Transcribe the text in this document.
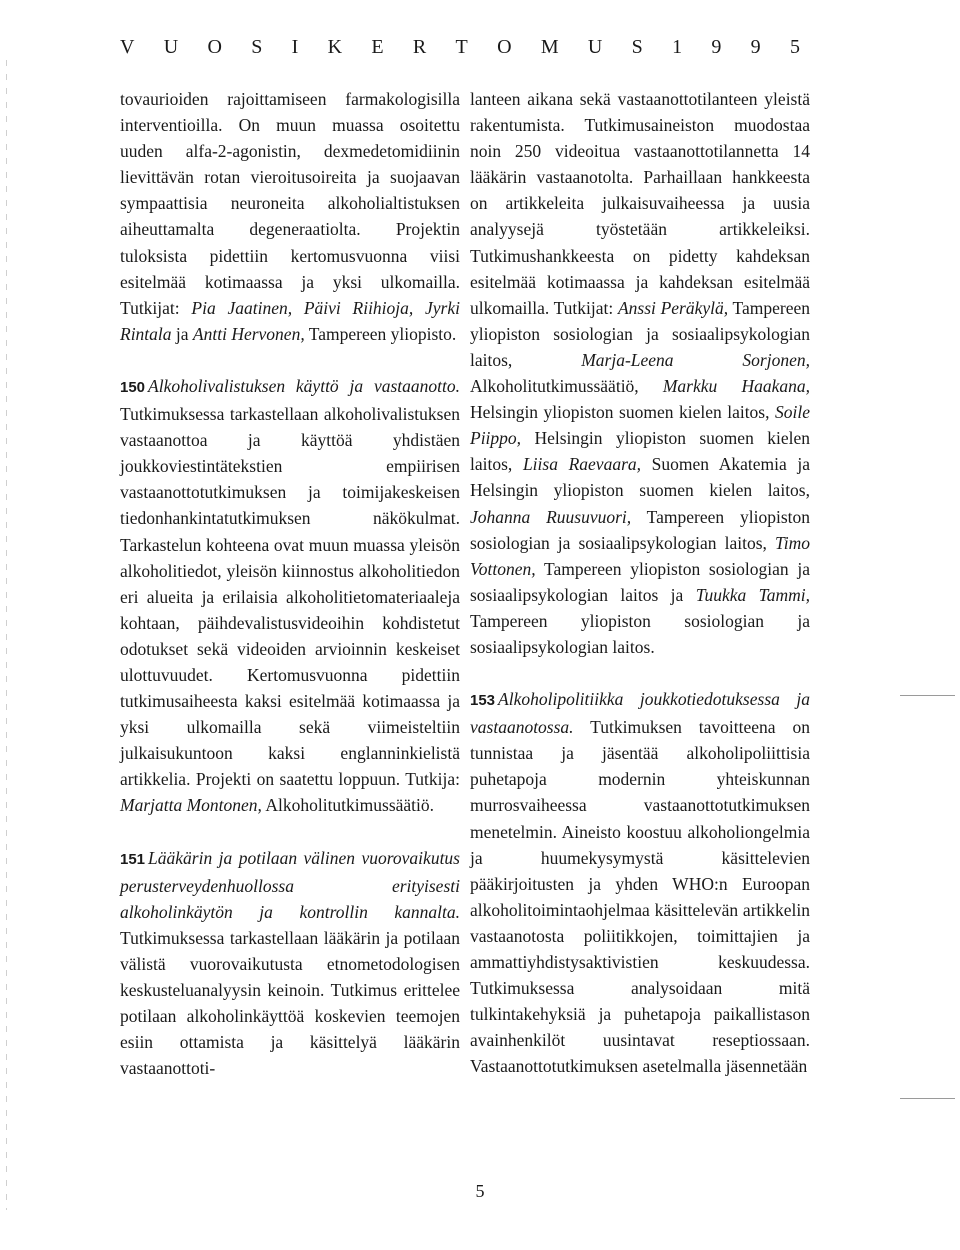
V U O S I K E R T O M U S 1 9 9 5

tovaurioiden rajoittamiseen farmakologisilla interventioilla. On muun muassa osoitettu uuden alfa-2-agonistin, dexmedetomidiinin lievittävän rotan vieroitusoireita ja suojaavan sympaattisia neuroneita alkoholialtistuksen aiheuttamalta degeneraatiolta. Projektin tuloksista pidettiin kertomusvuonna viisi esitelmää kotimaassa ja yksi ulkomailla. Tutkijat: Pia Jaatinen, Päivi Riihioja, Jyrki Rintala ja Antti Hervonen, Tampereen yliopisto.

150 Alkoholivalistuksen käyttö ja vastaanotto. Tutkimuksessa tarkastellaan alkoholivalistuksen vastaanottoa ja käyttöä yhdistäen joukkoviestintätekstien empiirisen vastaanottotutkimuksen ja toimijakeskeisen tiedonhankintatutkimuksen näkökulmat. Tarkastelun kohteena ovat muun muassa yleisön alkoholitiedot, yleisön kiinnostus alkoholitiedon eri alueita ja erilaisia alkoholitietomateriaaleja kohtaan, päihdevalistusvideoihin kohdistetut odotukset sekä videoiden arvioinnin keskeiset ulottuvuudet. Kertomusvuonna pidettiin tutkimusaiheesta kaksi esitelmää kotimaassa ja yksi ulkomailla sekä viimeisteltiin julkaisukuntoon kaksi englanninkielistä artikkelia. Projekti on saatettu loppuun. Tutkija: Marjatta Montonen, Alkoholitutkimussäätiö.

151 Lääkärin ja potilaan välinen vuorovaikutus perusterveydenhuollossa erityisesti alkoholinkäytön ja kontrollin kannalta. Tutkimuksessa tarkastellaan lääkärin ja potilaan välistä vuorovaikutusta etnometodologisen keskusteluanalyysin keinoin. Tutkimus erittelee potilaan alkoholinkäyttöä koskevien teemojen esiin ottamista ja käsittelyä lääkärin vastaanottoti-

lanteen aikana sekä vastaanottotilanteen yleistä rakentumista. Tutkimusaineiston muodostaa noin 250 videoitua vastaanottotilannetta 14 lääkärin vastaanotolta. Parhaillaan hankkeesta on artikkeleita julkaisuvaiheessa ja uusia analyysejä työstetään artikkeleiksi. Tutkimushankkeesta on pidetty kahdeksan esitelmää kotimaassa ja kahdeksan esitelmää ulkomailla. Tutkijat: Anssi Peräkylä, Tampereen yliopiston sosiologian ja sosiaalipsykologian laitos, Marja-Leena Sorjonen, Alkoholitutkimussäätiö, Markku Haakana, Helsingin yliopiston suomen kielen laitos, Soile Piippo, Helsingin yliopiston suomen kielen laitos, Liisa Raevaara, Suomen Akatemia ja Helsingin yliopiston suomen kielen laitos, Johanna Ruusuvuori, Tampereen yliopiston sosiologian ja sosiaalipsykologian laitos, Timo Vottonen, Tampereen yliopiston sosiologian ja sosiaalipsykologian laitos ja Tuukka Tammi, Tampereen yliopiston sosiologian ja sosiaalipsykologian laitos.

153 Alkoholipolitiikka joukkotiedotuksessa ja vastaanotossa. Tutkimuksen tavoitteena on tunnistaa ja jäsentää alkoholipoliittisia puhetapoja modernin yhteiskunnan murrosvaiheessa vastaanottotutkimuksen menetelmin. Aineisto koostuu alkoholiongelmia ja huumekysymystä käsittelevien pääkirjoitusten ja yhden WHO:n Euroopan alkoholitoimintaohjelmaa käsittelevän artikkelin vastaanotosta poliitikkojen, toimittajien ja ammattiyhdistysaktivistien keskuudessa. Tutkimuksessa analysoidaan mitä tulkintakehyksiä ja puhetapoja paikallistason avainhenkilöt uusintavat reseptiossaan. Vastaanottotutkimuksen asetelmalla jäsennetään

5
